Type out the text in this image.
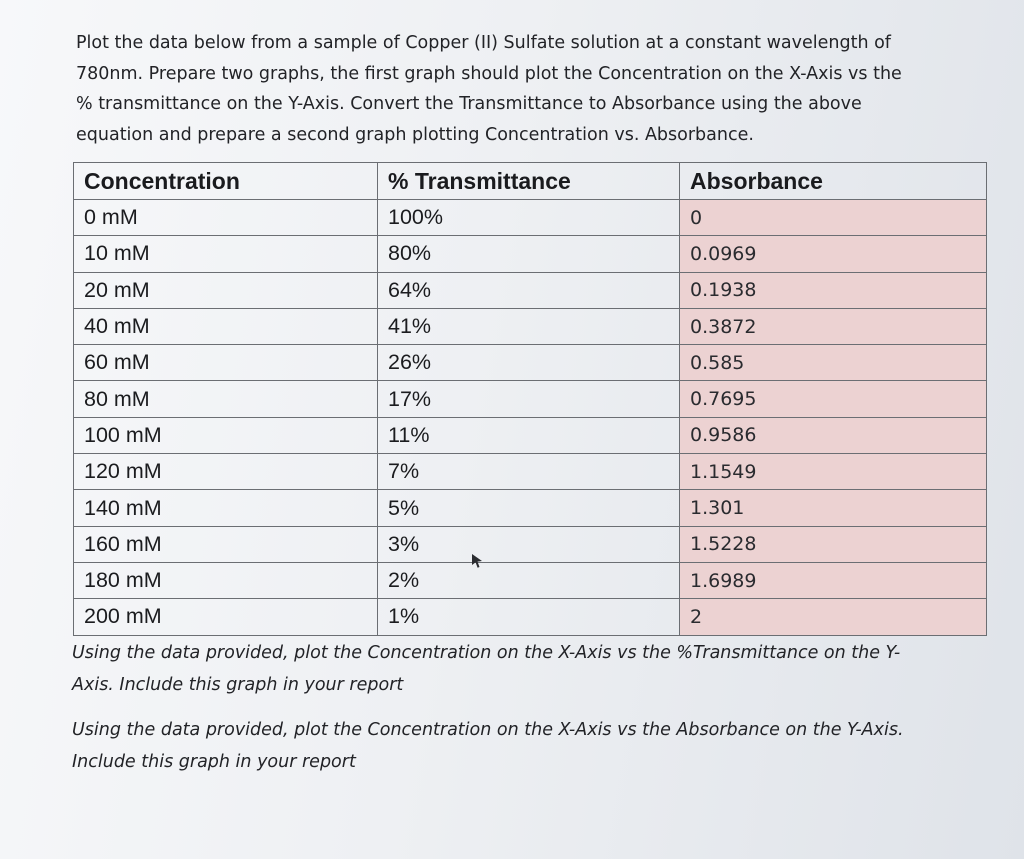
Plot the data below from a sample of Copper (II) Sulfate solution at a constant wavelength of
780nm. Prepare two graphs, the first graph should plot the Concentration on the X-Axis vs the
% transmittance on the Y-Axis. Convert the Transmittance to Absorbance using the above
equation and prepare a second graph plotting Concentration vs. Absorbance.
Concentration	% Transmittance	Absorbance
0 mM	100%	0
10 mM	80%	0.0969
20 mM	64%	0.1938
40 mM	41%	0.3872
60 mM	26%	0.585
80 mM	17%	0.7695
100 mM	11%	0.9586
120 mM	7%	1.1549
140 mM	5%	1.301
160 mM	3%	1.5228
180 mM	2%	1.6989
200 mM	1%	2
Using the data provided, plot the Concentration on the X-Axis vs the %Transmittance on the Y-
Axis. Include this graph in your report
Using the data provided, plot the Concentration on the X-Axis vs the Absorbance on the Y-Axis.
Include this graph in your report
